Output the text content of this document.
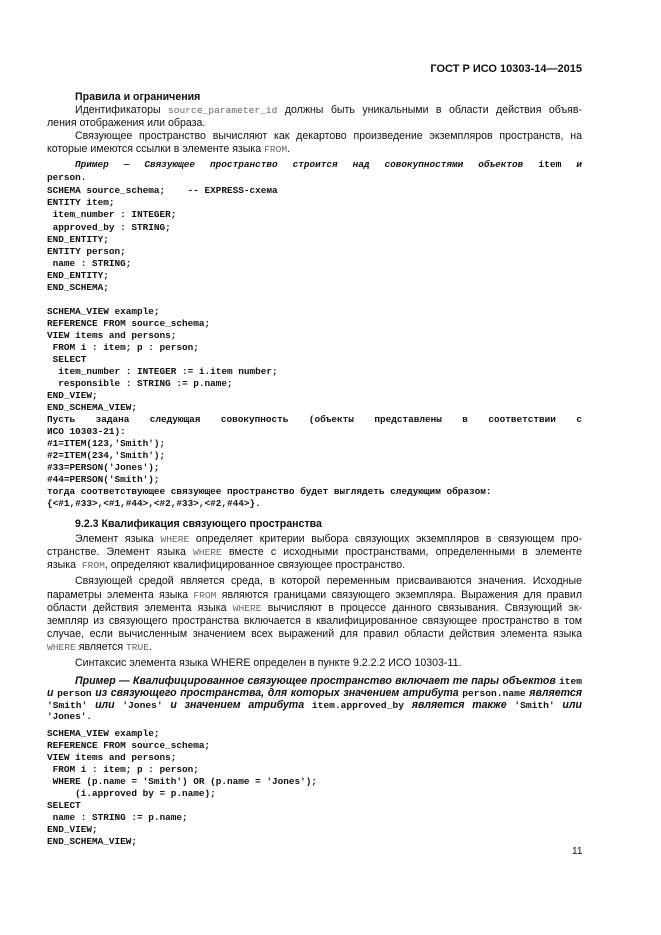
ГОСТ Р ИСО 10303-14—2015
Правила и ограничения
Идентификаторы source_parameter_id должны быть уникальными в области действия объяв-
ления отображения или образа.
Связующее пространство вычисляют как декартово произведение экземпляров пространств, на
которые имеются ссылки в элементе языка FROM.
Пример — Связующее пространство строится над совокупностями объектов item и
person.
SCHEMA source_schema;    -- EXPRESS-схема
ENTITY item;
item_number : INTEGER;
approved_by : STRING;
END_ENTITY;
ENTITY person;
name : STRING;
END_ENTITY;
END_SCHEMA;
SCHEMA_VIEW example;
REFERENCE FROM source_schema;
VIEW items and persons;
FROM i : item; p : person;
SELECT
item_number : INTEGER := i.item number;
responsible : STRING := p.name;
END_VIEW;
END_SCHEMA_VIEW;
Пусть задана следующая совокупность (объекты представлены в соответствии с
ИСО 10303-21):
#1=ITEM(123,'Smith');
#2=ITEM(234,'Smith');
#33=PERSON('Jones');
#44=PERSON('Smith');
тогда соответствующее связующее пространство будет выглядеть следующим образом:
{<#1,#33>,<#1,#44>,<#2,#33>,<#2,#44>}.
9.2.3 Квалификация связующего пространства
Элемент языка WHERE определяет критерии выбора связующих экземпляров в связующем про-
странстве. Элемент языка WHERE вместе с исходными пространствами, определенными в элементе
языка  FROM, определяют квалифицированное связующее пространство.
Связующей средой является среда, в которой переменным присваиваются значения. Исходные
параметры элемента языка FROM являются границами связующего экземпляра. Выражения для правил
области действия элемента языка WHERE вычисляют в процессе данного связывания. Связующий эк-
земпляр из связующего пространства включается в квалифицированное связующее пространство в том
случае, если вычисленным значением всех выражений для правил области действия элемента языка
WHERE является TRUE.
Синтаксис элемента языка WHERE определен в пункте 9.2.2.2 ИСО 10303-11.
Пример — Квалифицированное связующее пространство включает те пары объектов item
и person из связующего пространства, для которых значением атрибута person.name является
'Smith' или 'Jones' и значением атрибута item.approved_by является также 'Smith' или
'Jones'.
SCHEMA_VIEW example;
REFERENCE FROM source_schema;
VIEW items and persons;
FROM i : item; p : person;
WHERE (p.name = 'Smith') OR (p.name = 'Jones');
(i.approved by = p.name);
SELECT
name : STRING := p.name;
END_VIEW;
END_SCHEMA_VIEW;
11
